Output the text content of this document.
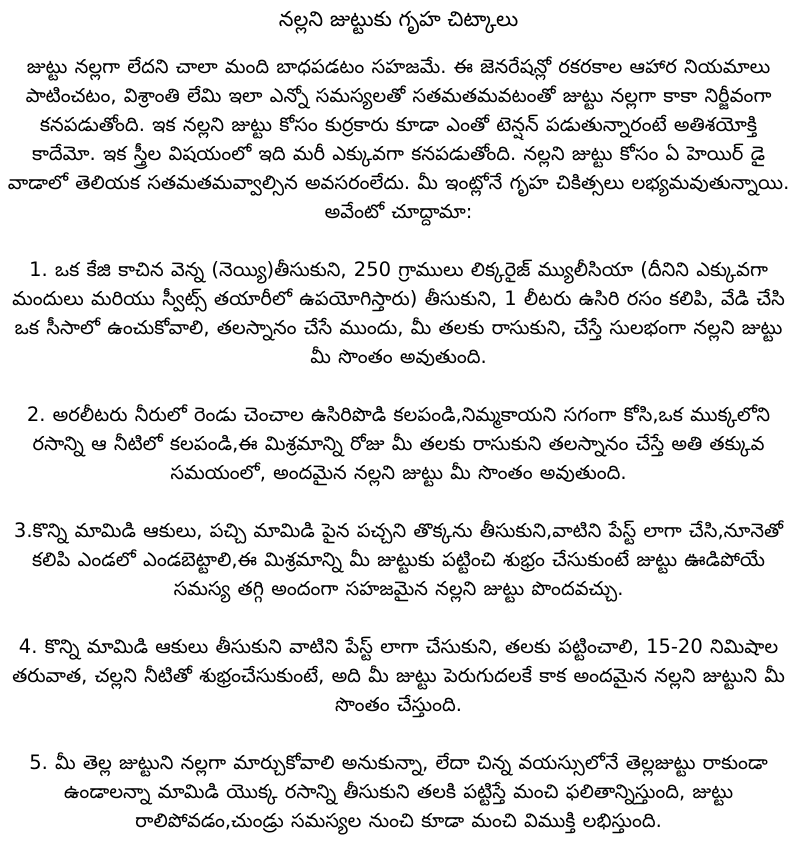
నల్లని జుట్టుకు గృహ చిట్కాలు
జుట్టు నల్లగా లేదని చాలా మంది బాధపడటం సహజమే. ఈ జెనరేషన్లో రకరకాల ఆహార నియమాలు పాటించటం, విశ్రాంతి లేమి ఇలా ఎన్నో సమస్యలతో సతమతమవటంతో జుట్టు నల్లగా కాకా నిర్జీవంగా కనపడుతోంది. ఇక నల్లని జుట్టు కోసం కుర్రకారు కూడా ఎంతో టెన్షన్ పడుతున్నారంటే అతిశయోక్తి కాదేమో. ఇక స్త్రీల విషయంలో ఇది మరీ ఎక్కువగా కనపడుతోంది. నల్లని జుట్టు కోసం ఏ హెయిర్ డై వాడాలో తెలియక సతమతమవ్వాల్సిన అవసరంలేదు. మీ ఇంట్లోనే గృహ చికిత్సలు లభ్యమవుతున్నాయి. అవేంటో చూద్దామా:
1. ఒక కేజి కాచిన వెన్న (నెయ్యి)తీసుకుని, 250 గ్రాములు లిక్కరైజ్ మ్యులీసియా (దీనిని ఎక్కువగా మందులు మరియు స్వీట్స్ తయారీలో ఉపయోగిస్తారు) తీసుకుని, 1 లీటరు ఉసిరి రసం కలిపి, వేడి చేసి ఒక సీసాలో ఉంచుకోవాలి, తలస్నానం చేసే ముందు, మీ తలకు రాసుకుని, చేస్తే సులభంగా నల్లని జుట్టు మీ సొంతం అవుతుంది.
2. అరలీటరు నీరులో రెండు చెంచాల ఉసిరిపొడి కలపండి,నిమ్మకాయని సగంగా కోసి,ఒక ముక్కలోని రసాన్ని ఆ నీటిలో కలపండి,ఈ మిశ్రమాన్ని రోజు మీ తలకు రాసుకుని తలస్నానం చేస్తే అతి తక్కువ సమయంలో, అందమైన నల్లని జుట్టు మీ సొంతం అవుతుంది.
3.కొన్ని మామిడి ఆకులు, పచ్చి మామిడి పైన పచ్చని తొక్కను తీసుకుని,వాటిని పేస్ట్ లాగా చేసి,నూనెతో కలిపి ఎండలో ఎండబెట్టాలి,ఈ మిశ్రమాన్ని మీ జుట్టుకు పట్టించి శుభ్రం చేసుకుంటే జుట్టు ఊడిపోయే సమస్య తగ్గి అందంగా సహజమైన నల్లని జుట్టు పొందవచ్చు.
4. కొన్ని మామిడి ఆకులు తీసుకుని వాటిని పేస్ట్ లాగా చేసుకుని, తలకు పట్టించాలి, 15-20 నిమిషాల తరువాత, చల్లని నీటితో శుభ్రంచేసుకుంటే, అది మీ జుట్టు పెరుగుదలకే కాక అందమైన నల్లని జుట్టుని మీ సొంతం చేస్తుంది.
5. మీ తెల్ల జుట్టుని నల్లగా మార్చుకోవాలి అనుకున్నా, లేదా చిన్న వయస్సులోనే తెల్లజుట్టు రాకుండా ఉండాలన్నా మామిడి యొక్క రసాన్ని తీసుకుని తలకి పట్టిస్తే మంచి ఫలితాన్నిస్తుంది, జుట్టు రాలిపోవడం,చుండ్రు సమస్యల నుంచి కూడా మంచి విముక్తి లభిస్తుంది.
